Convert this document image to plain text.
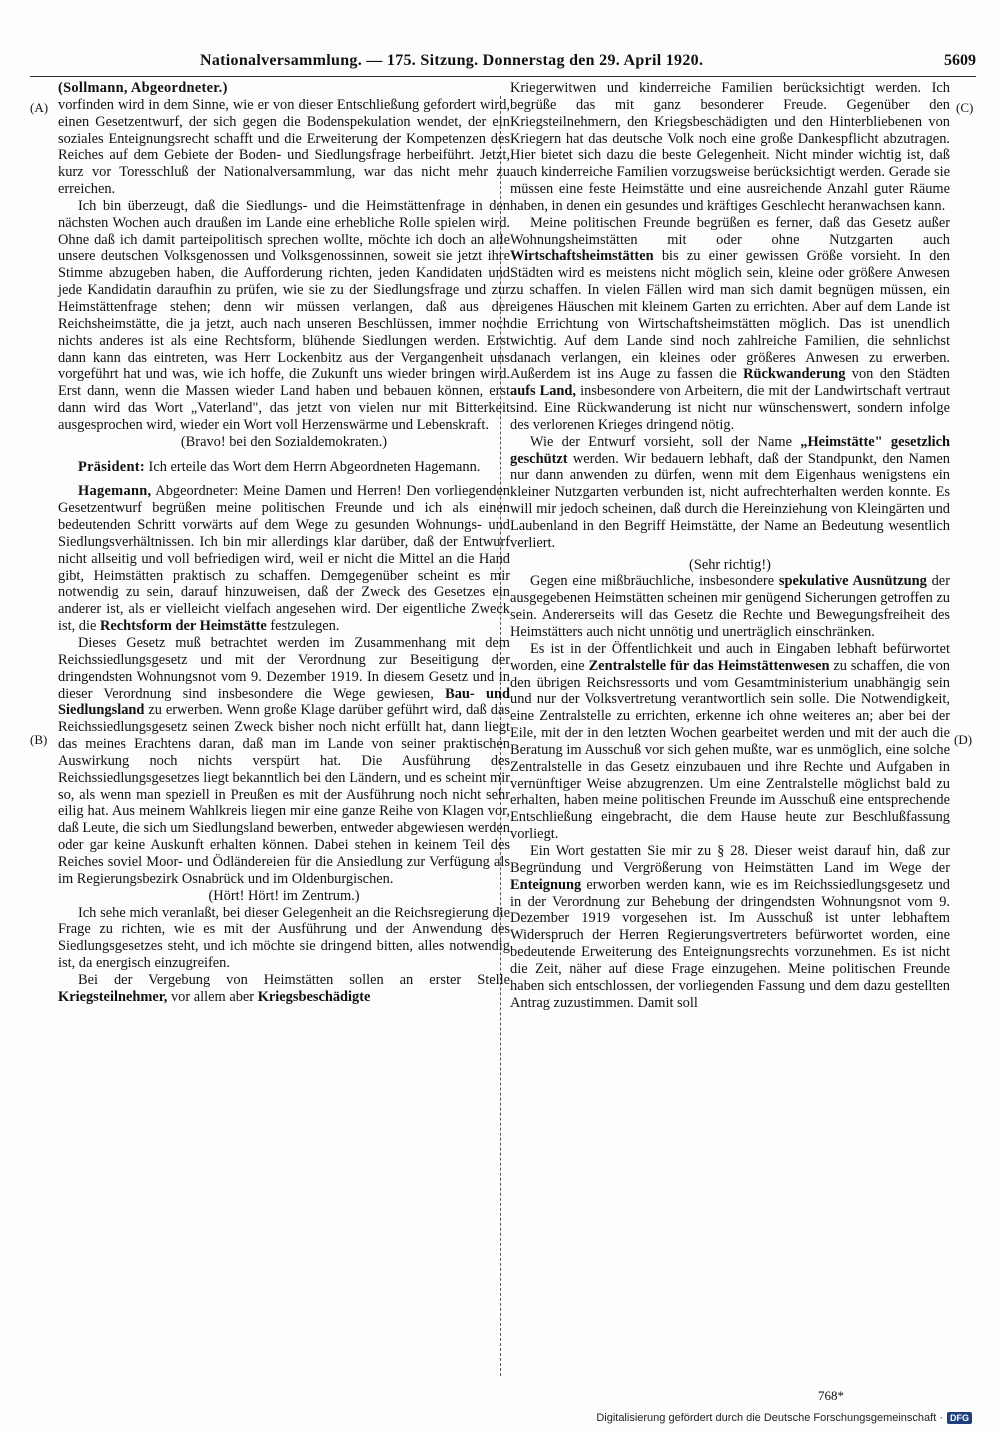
Nationalversammlung. — 175. Sitzung. Donnerstag den 29. April 1920.	5609
(A)
(B)
(C)
(D)

(Sollmann, Abgeordneter.)

vorfinden wird in dem Sinne, wie er von dieser Entschließung gefordert wird, einen Gesetzentwurf, der sich gegen die Bodenspekulation wendet, der ein soziales Enteignungsrecht schafft und die Erweiterung der Kompetenzen des Reiches auf dem Gebiete der Boden- und Siedlungsfrage herbeiführt. Jetzt, kurz vor Toresschluß der Nationalversammlung, war das nicht mehr zu erreichen.

Ich bin überzeugt, daß die Siedlungs- und die Heimstättenfrage in den nächsten Wochen auch draußen im Lande eine erhebliche Rolle spielen wird. Ohne daß ich damit parteipolitisch sprechen wollte, möchte ich doch an alle unsere deutschen Volksgenossen und Volksgenossinnen, soweit sie jetzt ihre Stimme abzugeben haben, die Aufforderung richten, jeden Kandidaten und jede Kandidatin daraufhin zu prüfen, wie sie zu der Siedlungsfrage und zur Heimstättenfrage stehen; denn wir müssen verlangen, daß aus der Reichsheimstätte, die ja jetzt, auch nach unseren Beschlüssen, immer noch nichts anderes ist als eine Rechtsform, blühende Siedlungen werden. Erst dann kann das eintreten, was Herr Lockenbitz aus der Vergangenheit uns vorgeführt hat und was, wie ich hoffe, die Zukunft uns wieder bringen wird. Erst dann, wenn die Massen wieder Land haben und bebauen können, erst dann wird das Wort „Vaterland", das jetzt von vielen nur mit Bitterkeit ausgesprochen wird, wieder ein Wort voll Herzenswärme und Lebenskraft.

(Bravo! bei den Sozialdemokraten.)

Präsident: Ich erteile das Wort dem Herrn Abgeordneten Hagemann.

Hagemann, Abgeordneter: Meine Damen und Herren! Den vorliegenden Gesetzentwurf begrüßen meine politischen Freunde und ich als einen bedeutenden Schritt vorwärts auf dem Wege zu gesunden Wohnungs- und Siedlungsverhältnissen. Ich bin mir allerdings klar darüber, daß der Entwurf nicht allseitig und voll befriedigen wird, weil er nicht die Mittel an die Hand gibt, Heimstätten praktisch zu schaffen. Demgegenüber scheint es mir notwendig zu sein, darauf hinzuweisen, daß der Zweck des Gesetzes ein anderer ist, als er vielleicht vielfach angesehen wird. Der eigentliche Zweck ist, die Rechtsform der Heimstätte festzulegen.

Dieses Gesetz muß betrachtet werden im Zusammenhang mit dem Reichssiedlungsgesetz und mit der Verordnung zur Beseitigung der dringendsten Wohnungsnot vom 9. Dezember 1919. In diesem Gesetz und in dieser Verordnung sind insbesondere die Wege gewiesen, Bau- und Siedlungsland zu erwerben. Wenn große Klage darüber geführt wird, daß das Reichssiedlungsgesetz seinen Zweck bisher noch nicht erfüllt hat, dann liegt das meines Erachtens daran, daß man im Lande von seiner praktischen Auswirkung noch nichts verspürt hat. Die Ausführung des Reichssiedlungsgesetzes liegt bekanntlich bei den Ländern, und es scheint mir so, als wenn man speziell in Preußen es mit der Ausführung noch nicht sehr eilig hat. Aus meinem Wahlkreis liegen mir eine ganze Reihe von Klagen vor, daß Leute, die sich um Siedlungsland bewerben, entweder abgewiesen werden oder gar keine Auskunft erhalten können. Dabei stehen in keinem Teil des Reiches soviel Moor- und Ödländereien für die Ansiedlung zur Verfügung als im Regierungsbezirk Osnabrück und im Oldenburgischen.

(Hört! Hört! im Zentrum.)

Ich sehe mich veranlaßt, bei dieser Gelegenheit an die Reichsregierung die Frage zu richten, wie es mit der Ausführung und der Anwendung des Siedlungsgesetzes steht, und ich möchte sie dringend bitten, alles notwendig ist, da energisch einzugreifen.

Bei der Vergebung von Heimstätten sollen an erster Stelle Kriegsteilnehmer, vor allem aber Kriegsbeschädigte

Kriegerwitwen und kinderreiche Familien berücksichtigt werden. Ich begrüße das mit ganz besonderer Freude. Gegenüber den Kriegsteilnehmern, den Kriegsbeschädigten und den Hinterbliebenen von Kriegern hat das deutsche Volk noch eine große Dankespflicht abzutragen. Hier bietet sich dazu die beste Gelegenheit. Nicht minder wichtig ist, daß auch kinderreiche Familien vorzugsweise berücksichtigt werden. Gerade sie müssen eine feste Heimstätte und eine ausreichende Anzahl guter Räume haben, in denen ein gesundes und kräftiges Geschlecht heranwachsen kann.

Meine politischen Freunde begrüßen es ferner, daß das Gesetz außer Wohnungsheimstätten mit oder ohne Nutzgarten auch Wirtschaftsheimstätten bis zu einer gewissen Größe vorsieht. In den Städten wird es meistens nicht möglich sein, kleine oder größere Anwesen zu schaffen. In vielen Fällen wird man sich damit begnügen müssen, ein eigenes Häuschen mit kleinem Garten zu errichten. Aber auf dem Lande ist die Errichtung von Wirtschaftsheimstätten möglich. Das ist unendlich wichtig. Auf dem Lande sind noch zahlreiche Familien, die sehnlichst danach verlangen, ein kleines oder größeres Anwesen zu erwerben. Außerdem ist ins Auge zu fassen die Rückwanderung von den Städten aufs Land, insbesondere von Arbeitern, die mit der Landwirtschaft vertraut sind. Eine Rückwanderung ist nicht nur wünschenswert, sondern infolge des verlorenen Krieges dringend nötig.

Wie der Entwurf vorsieht, soll der Name „Heimstätte" gesetzlich geschützt werden. Wir bedauern lebhaft, daß der Standpunkt, den Namen nur dann anwenden zu dürfen, wenn mit dem Eigenhaus wenigstens ein kleiner Nutzgarten verbunden ist, nicht aufrechterhalten werden konnte. Es will mir jedoch scheinen, daß durch die Hereinziehung von Kleingärten und Laubenland in den Begriff Heimstätte, der Name an Bedeutung wesentlich verliert.

(Sehr richtig!)

Gegen eine mißbräuchliche, insbesondere spekulative Ausnützung der ausgegebenen Heimstätten scheinen mir genügend Sicherungen getroffen zu sein. Andererseits will das Gesetz die Rechte und Bewegungsfreiheit des Heimstätters auch nicht unnötig und unerträglich einschränken.

Es ist in der Öffentlichkeit und auch in Eingaben lebhaft befürwortet worden, eine Zentralstelle für das Heimstättenwesen zu schaffen, die von den übrigen Reichsressorts und vom Gesamtministerium unabhängig sein und nur der Volksvertretung verantwortlich sein solle. Die Notwendigkeit, eine Zentralstelle zu errichten, erkenne ich ohne weiteres an; aber bei der Eile, mit der in den letzten Wochen gearbeitet werden und mit der auch die Beratung im Ausschuß vor sich gehen mußte, war es unmöglich, eine solche Zentralstelle in das Gesetz einzubauen und ihre Rechte und Aufgaben in vernünftiger Weise abzugrenzen. Um eine Zentralstelle möglichst bald zu erhalten, haben meine politischen Freunde im Ausschuß eine entsprechende Entschließung eingebracht, die dem Hause heute zur Beschlußfassung vorliegt.

Ein Wort gestatten Sie mir zu § 28. Dieser weist darauf hin, daß zur Begründung und Vergrößerung von Heimstätten Land im Wege der Enteignung erworben werden kann, wie es im Reichssiedlungsgesetz und in der Verordnung zur Behebung der dringendsten Wohnungsnot vom 9. Dezember 1919 vorgesehen ist. Im Ausschuß ist unter lebhaftem Widerspruch der Herren Regierungsvertreters befürwortet worden, eine bedeutende Erweiterung des Enteignungsrechts vorzunehmen. Es ist nicht die Zeit, näher auf diese Frage einzugehen. Meine politischen Freunde haben sich entschlossen, der vorliegenden Fassung und dem dazu gestellten Antrag zuzustimmen. Damit soll

768*
Digitalisierung gefördert durch die Deutsche Forschungsgemeinschaft · DFG
